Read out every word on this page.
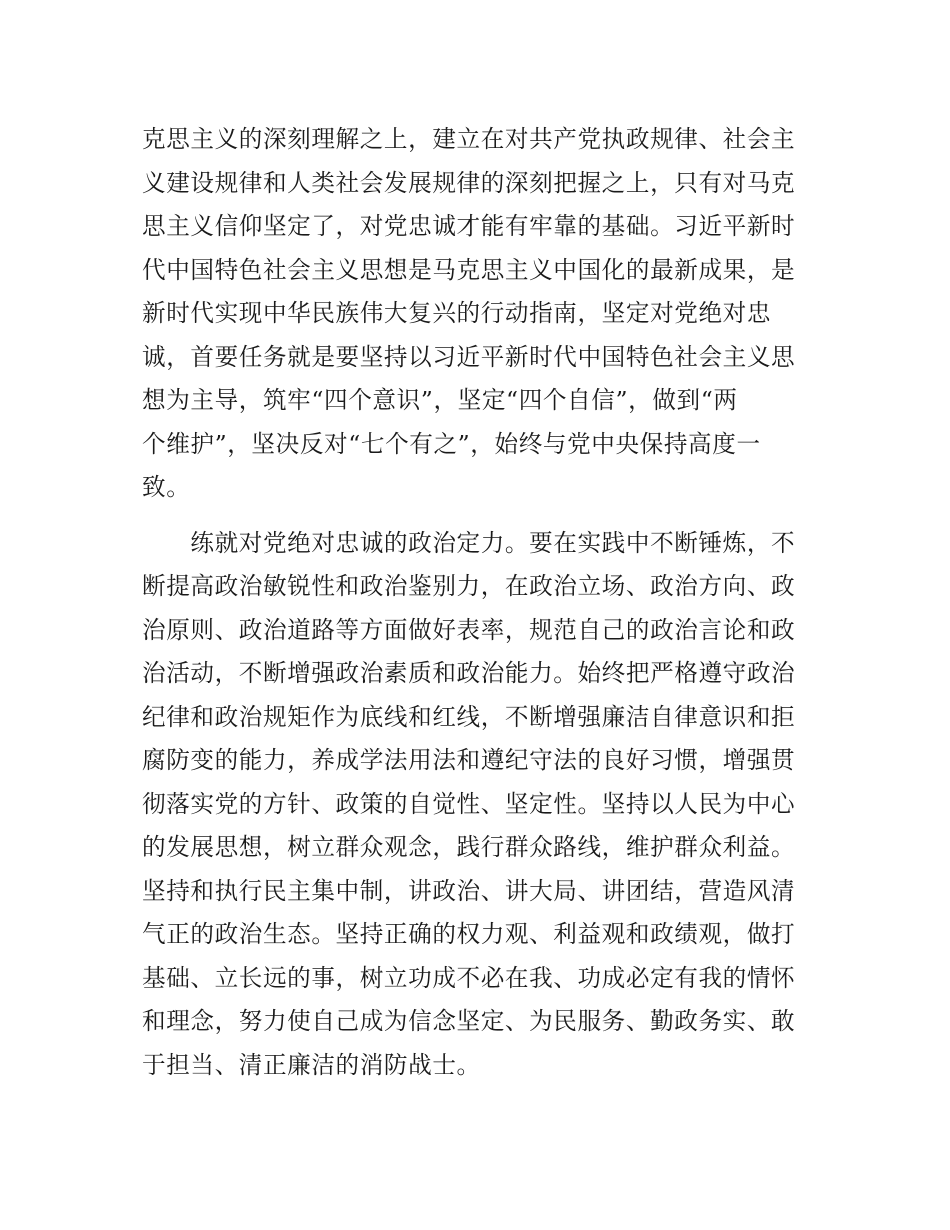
克思主义的深刻理解之上，建立在对共产党执政规律、社会主
义建设规律和人类社会发展规律的深刻把握之上，只有对马克
思主义信仰坚定了，对党忠诚才能有牢靠的基础。习近平新时
代中国特色社会主义思想是马克思主义中国化的最新成果，是
新时代实现中华民族伟大复兴的行动指南，坚定对党绝对忠
诚，首要任务就是要坚持以习近平新时代中国特色社会主义思
想为主导，筑牢“四个意识”，坚定“四个自信”，做到“两
个维护”，坚决反对“七个有之”，始终与党中央保持高度一
致。

　　练就对党绝对忠诚的政治定力。要在实践中不断锤炼，不
断提高政治敏锐性和政治鉴别力，在政治立场、政治方向、政
治原则、政治道路等方面做好表率，规范自己的政治言论和政
治活动，不断增强政治素质和政治能力。始终把严格遵守政治
纪律和政治规矩作为底线和红线，不断增强廉洁自律意识和拒
腐防变的能力，养成学法用法和遵纪守法的良好习惯，增强贯
彻落实党的方针、政策的自觉性、坚定性。坚持以人民为中心
的发展思想，树立群众观念，践行群众路线，维护群众利益。
坚持和执行民主集中制，讲政治、讲大局、讲团结，营造风清
气正的政治生态。坚持正确的权力观、利益观和政绩观，做打
基础、立长远的事，树立功成不必在我、功成必定有我的情怀
和理念，努力使自己成为信念坚定、为民服务、勤政务实、敢
于担当、清正廉洁的消防战士。
